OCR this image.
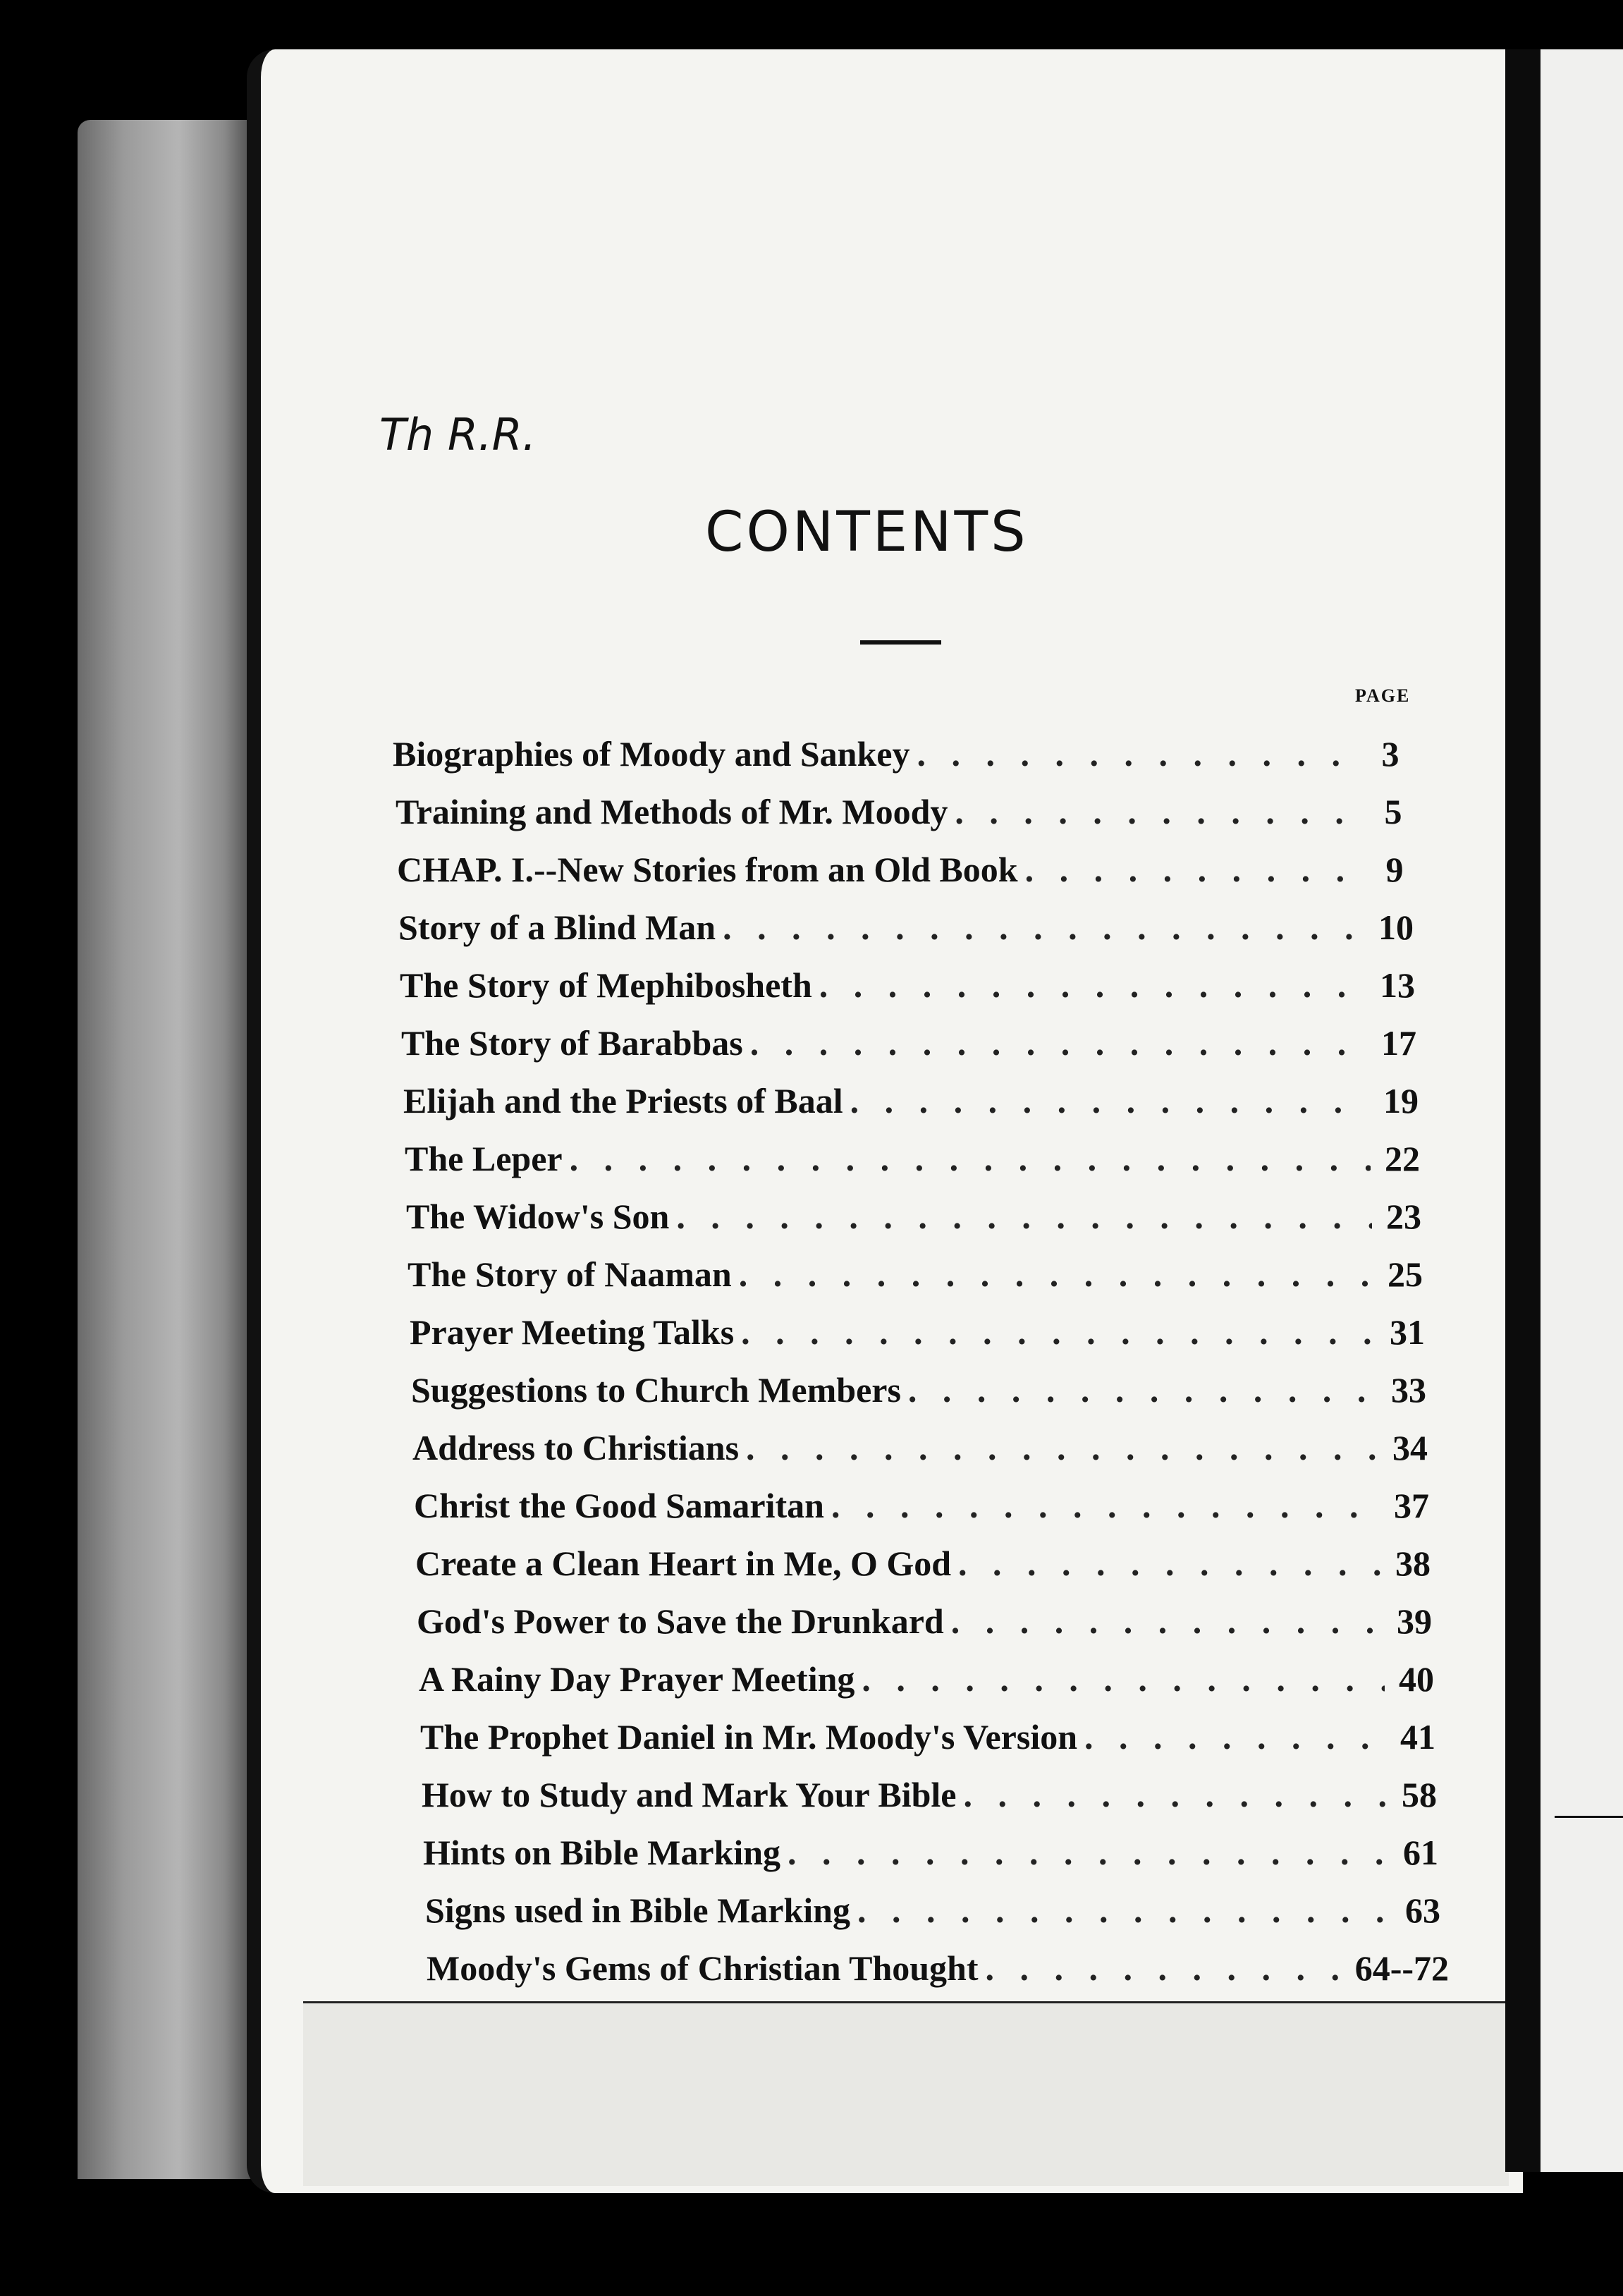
Th R.R.
CONTENTS
PAGE
Biographies of Moody and Sankey . . .	3
Training and Methods of Mr. Moody . . .	5
CHAP. I.--New Stories from an Old Book . . .	9
Story of a Blind Man . . .	10
The Story of Mephibosheth . . .	13
The Story of Barabbas . . .	17
Elijah and the Priests of Baal . . .	19
The Leper . . .	22
The Widow's Son . . .	23
The Story of Naaman . . .	25
Prayer Meeting Talks . . .	31
Suggestions to Church Members . . .	33
Address to Christians . . .	34
Christ the Good Samaritan . . .	37
Create a Clean Heart in Me, O God . . .	38
God's Power to Save the Drunkard . . .	39
A Rainy Day Prayer Meeting . . .	40
The Prophet Daniel in Mr. Moody's Version . . .	41
How to Study and Mark Your Bible . . .	58
Hints on Bible Marking . . .	61
Signs used in Bible Marking . . .	63
Moody's Gems of Christian Thought . . .	64--72
